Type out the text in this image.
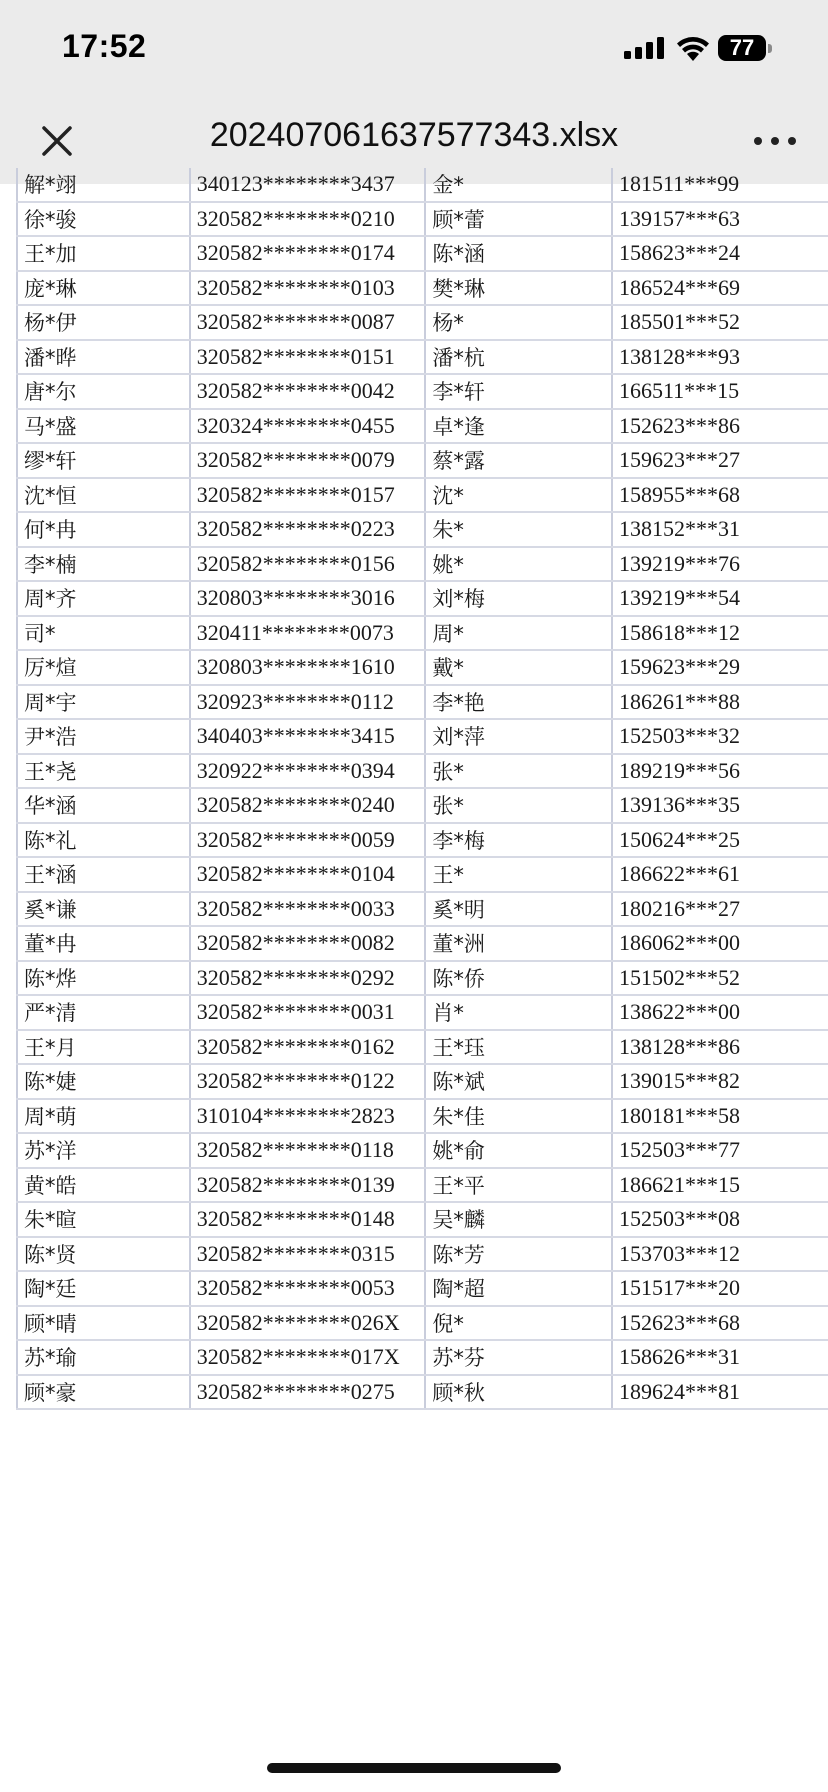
17:52	77
202407061637577343.xlsx
解*翊	340123********3437	金*	181511***99
徐*骏	320582********0210	顾*蕾	139157***63
王*加	320582********0174	陈*涵	158623***24
庞*琳	320582********0103	樊*琳	186524***69
杨*伊	320582********0087	杨*	185501***52
潘*晔	320582********0151	潘*杭	138128***93
唐*尔	320582********0042	李*轩	166511***15
马*盛	320324********0455	卓*逢	152623***86
缪*轩	320582********0079	蔡*露	159623***27
沈*恒	320582********0157	沈*	158955***68
何*冉	320582********0223	朱*	138152***31
李*楠	320582********0156	姚*	139219***76
周*齐	320803********3016	刘*梅	139219***54
司*	320411********0073	周*	158618***12
厉*煊	320803********1610	戴*	159623***29
周*宇	320923********0112	李*艳	186261***88
尹*浩	340403********3415	刘*萍	152503***32
王*尧	320922********0394	张*	189219***56
华*涵	320582********0240	张*	139136***35
陈*礼	320582********0059	李*梅	150624***25
王*涵	320582********0104	王*	186622***61
奚*谦	320582********0033	奚*明	180216***27
董*冉	320582********0082	董*洲	186062***00
陈*烨	320582********0292	陈*侨	151502***52
严*清	320582********0031	肖*	138622***00
王*月	320582********0162	王*珏	138128***86
陈*婕	320582********0122	陈*斌	139015***82
周*萌	310104********2823	朱*佳	180181***58
苏*洋	320582********0118	姚*俞	152503***77
黄*皓	320582********0139	王*平	186621***15
朱*暄	320582********0148	吴*麟	152503***08
陈*贤	320582********0315	陈*芳	153703***12
陶*廷	320582********0053	陶*超	151517***20
顾*晴	320582********026X	倪*	152623***68
苏*瑜	320582********017X	苏*芬	158626***31
顾*豪	320582********0275	顾*秋	189624***81
